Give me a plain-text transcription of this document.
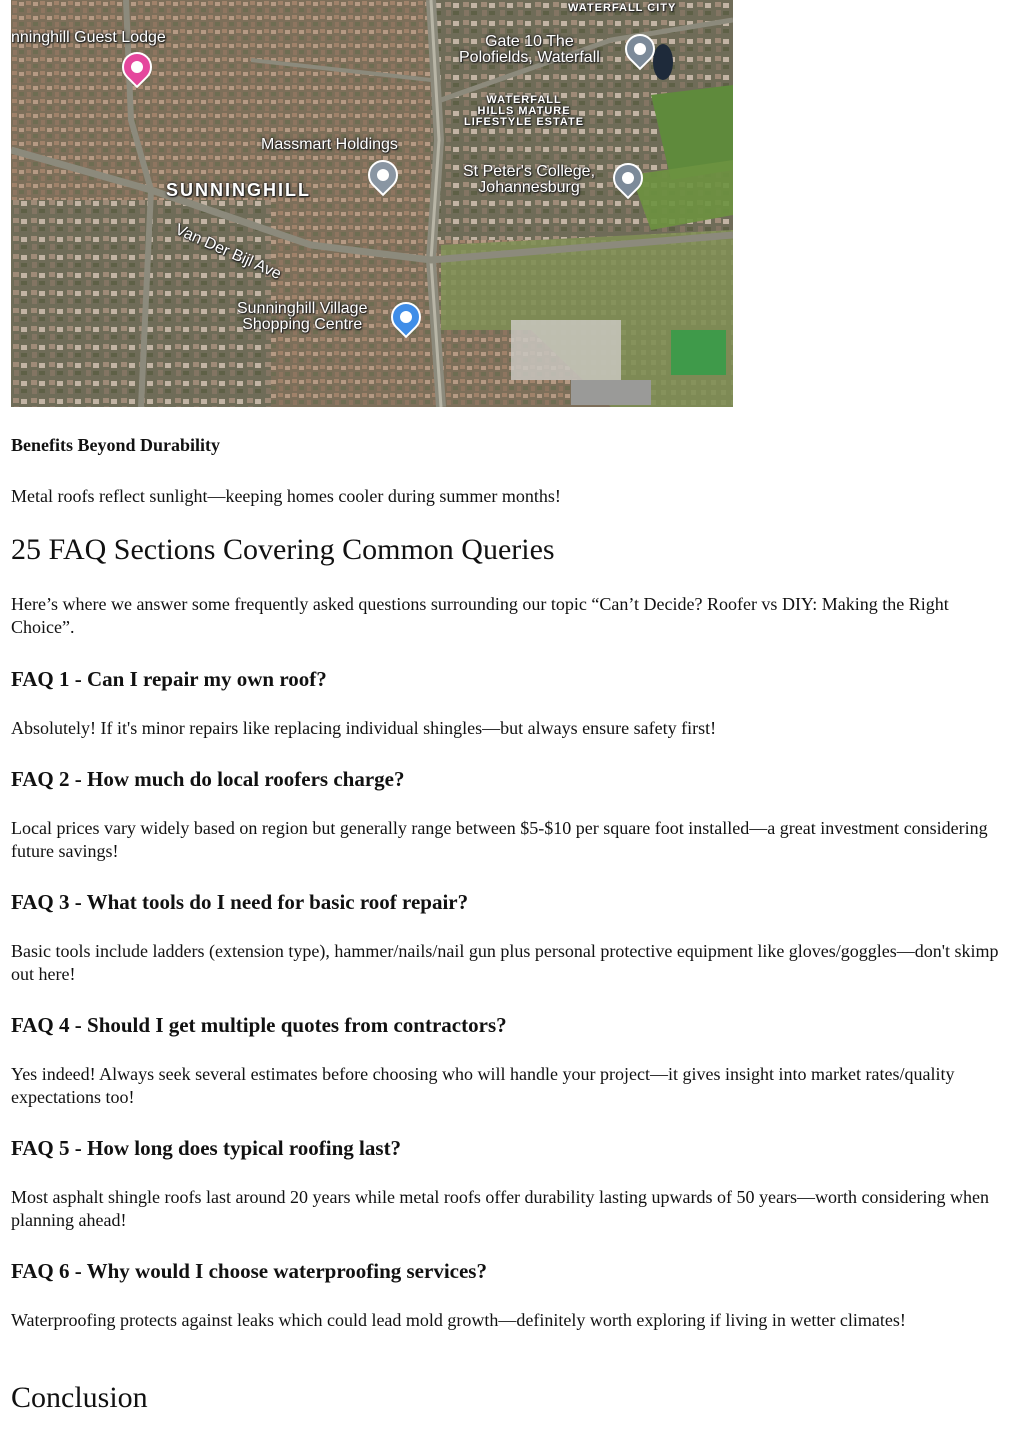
WATERFALL CITY
nninghill Guest Lodge	Gate 10 The
Polofields, Waterfall
WATERFALL
HILLS MATURE
LIFESTYLE ESTATE
Massmart Holdings
St Peter's College,
Johannesburg
SUNNINGHILL
Van Der Bijl Ave
Sunninghill Village
Shopping Centre

Benefits Beyond Durability

Metal roofs reflect sunlight—keeping homes cooler during summer months!

25 FAQ Sections Covering Common Queries

Here’s where we answer some frequently asked questions surrounding our topic “Can’t Decide? Roofer vs DIY: Making the Right Choice”.

FAQ 1 - Can I repair my own roof?

Absolutely! If it's minor repairs like replacing individual shingles—but always ensure safety first!

FAQ 2 - How much do local roofers charge?

Local prices vary widely based on region but generally range between $5-$10 per square foot installed—a great investment considering future savings!

FAQ 3 - What tools do I need for basic roof repair?

Basic tools include ladders (extension type), hammer/nails/nail gun plus personal protective equipment like gloves/goggles—don't skimp out here!

FAQ 4 - Should I get multiple quotes from contractors?

Yes indeed! Always seek several estimates before choosing who will handle your project—it gives insight into market rates/quality expectations too!

FAQ 5 - How long does typical roofing last?

Most asphalt shingle roofs last around 20 years while metal roofs offer durability lasting upwards of 50 years—worth considering when planning ahead!

FAQ 6 - Why would I choose waterproofing services?

Waterproofing protects against leaks which could lead mold growth—definitely worth exploring if living in wetter climates!

Conclusion
